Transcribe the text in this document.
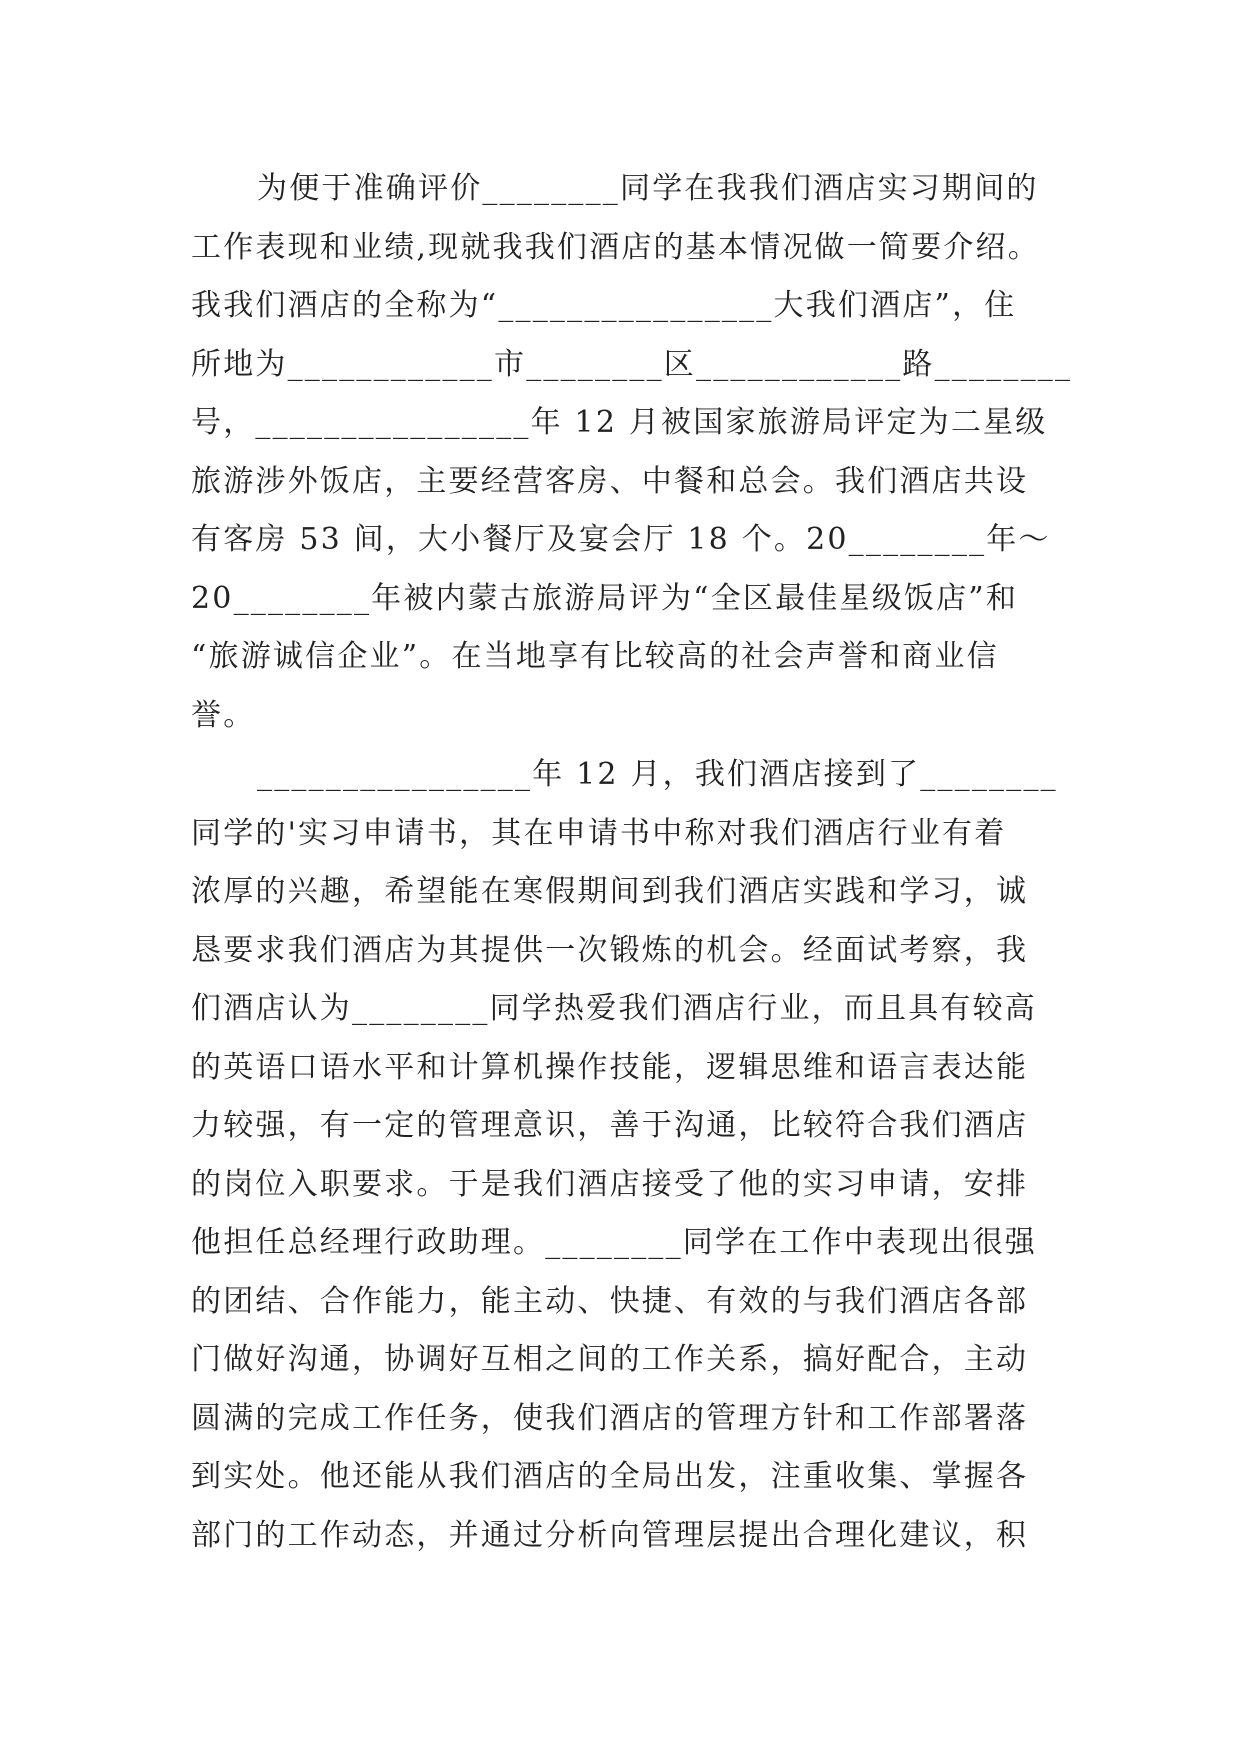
为便于准确评价________同学在我我们酒店实习期间的
工作表现和业绩,现就我我们酒店的基本情况做一简要介绍。
我我们酒店的全称为“________________大我们酒店”，住
所地为____________市________区____________路________
号，________________年 12 月被国家旅游局评定为二星级
旅游涉外饭店，主要经营客房、中餐和总会。我们酒店共设
有客房 53 间，大小餐厅及宴会厅 18 个。20________年～
20________年被内蒙古旅游局评为“全区最佳星级饭店”和
“旅游诚信企业”。在当地享有比较高的社会声誉和商业信
誉。
________________年 12 月，我们酒店接到了________
同学的'实习申请书，其在申请书中称对我们酒店行业有着
浓厚的兴趣，希望能在寒假期间到我们酒店实践和学习，诚
恳要求我们酒店为其提供一次锻炼的机会。经面试考察，我
们酒店认为________同学热爱我们酒店行业，而且具有较高
的英语口语水平和计算机操作技能，逻辑思维和语言表达能
力较强，有一定的管理意识，善于沟通，比较符合我们酒店
的岗位入职要求。于是我们酒店接受了他的实习申请，安排
他担任总经理行政助理。________同学在工作中表现出很强
的团结、合作能力，能主动、快捷、有效的与我们酒店各部
门做好沟通，协调好互相之间的工作关系，搞好配合，主动
圆满的完成工作任务，使我们酒店的管理方针和工作部署落
到实处。他还能从我们酒店的全局出发，注重收集、掌握各
部门的工作动态，并通过分析向管理层提出合理化建议，积
